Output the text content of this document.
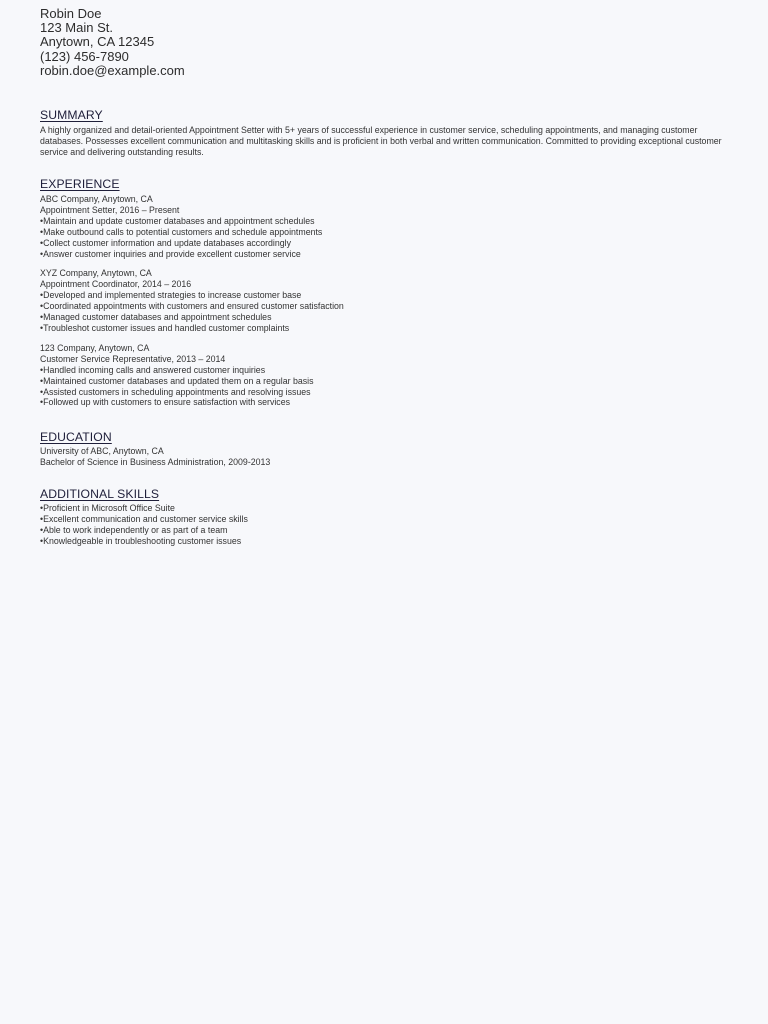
Robin Doe
123 Main St.
Anytown, CA 12345
(123) 456-7890
robin.doe@example.com
SUMMARY
A highly organized and detail-oriented Appointment Setter with 5+ years of successful experience in customer service, scheduling appointments, and managing customer databases. Possesses excellent communication and multitasking skills and is proficient in both verbal and written communication. Committed to providing exceptional customer service and delivering outstanding results.
EXPERIENCE
ABC Company, Anytown, CA
Appointment Setter, 2016 – Present
• Maintain and update customer databases and appointment schedules
• Make outbound calls to potential customers and schedule appointments
• Collect customer information and update databases accordingly
• Answer customer inquiries and provide excellent customer service
XYZ Company, Anytown, CA
Appointment Coordinator, 2014 – 2016
• Developed and implemented strategies to increase customer base
• Coordinated appointments with customers and ensured customer satisfaction
• Managed customer databases and appointment schedules
• Troubleshot customer issues and handled customer complaints
123 Company, Anytown, CA
Customer Service Representative, 2013 – 2014
• Handled incoming calls and answered customer inquiries
• Maintained customer databases and updated them on a regular basis
• Assisted customers in scheduling appointments and resolving issues
• Followed up with customers to ensure satisfaction with services
EDUCATION
University of ABC, Anytown, CA
Bachelor of Science in Business Administration, 2009-2013
ADDITIONAL SKILLS
• Proficient in Microsoft Office Suite
• Excellent communication and customer service skills
• Able to work independently or as part of a team
• Knowledgeable in troubleshooting customer issues
